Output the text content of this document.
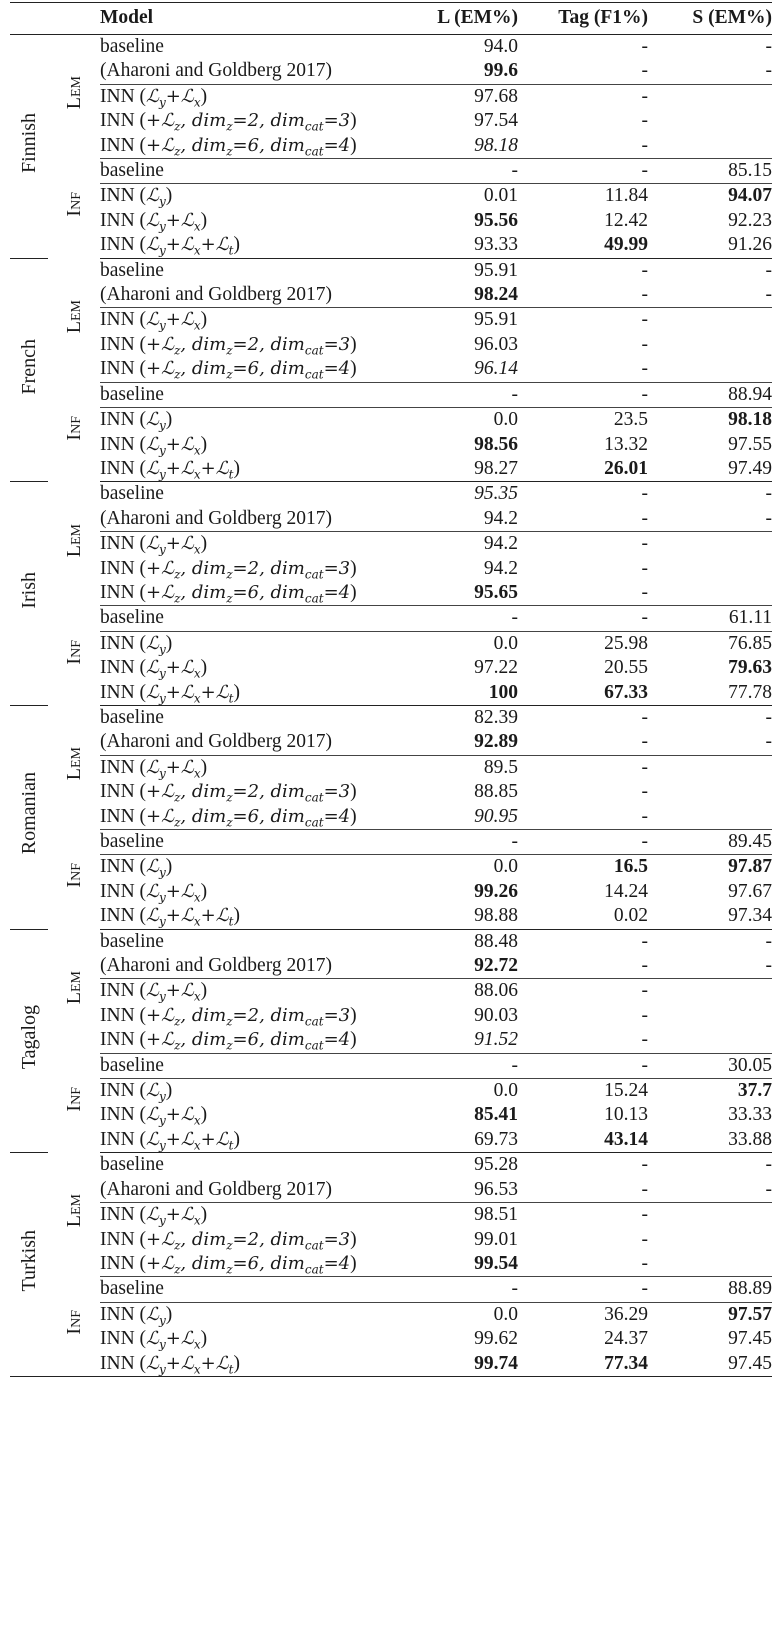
		Model	L (EM%)	Tag (F1%)	S (EM%)
Finnish	Lem	baseline	94.0	-	-
		(Aharoni and Goldberg 2017)	99.6	-	-
		INN (ℒ$_y$+ℒ$_x$)	97.68	-	
		INN (+ℒ$_z$, dim$_z$=2, dim$_{cat}$=3)	97.54	-	
		INN (+ℒ$_z$, dim$_z$=6, dim$_{cat}$=4)	98.18	-	
	Inf	baseline	-	-	85.15
		INN (ℒ$_y$)	0.01	11.84	94.07
		INN (ℒ$_y$+ℒ$_x$)	95.56	12.42	92.23
		INN (ℒ$_y$+ℒ$_x$+ℒ$_t$)	93.33	49.99	91.26
French	Lem	baseline	95.91	-	-
		(Aharoni and Goldberg 2017)	98.24	-	-
		INN (ℒ$_y$+ℒ$_x$)	95.91	-	
		INN (+ℒ$_z$, dim$_z$=2, dim$_{cat}$=3)	96.03	-	
		INN (+ℒ$_z$, dim$_z$=6, dim$_{cat}$=4)	96.14	-	
	Inf	baseline	-	-	88.94
		INN (ℒ$_y$)	0.0	23.5	98.18
		INN (ℒ$_y$+ℒ$_x$)	98.56	13.32	97.55
		INN (ℒ$_y$+ℒ$_x$+ℒ$_t$)	98.27	26.01	97.49
Irish	Lem	baseline	95.35	-	-
		(Aharoni and Goldberg 2017)	94.2	-	-
		INN (ℒ$_y$+ℒ$_x$)	94.2	-	
		INN (+ℒ$_z$, dim$_z$=2, dim$_{cat}$=3)	94.2	-	
		INN (+ℒ$_z$, dim$_z$=6, dim$_{cat}$=4)	95.65	-	
	Inf	baseline	-	-	61.11
		INN (ℒ$_y$)	0.0	25.98	76.85
		INN (ℒ$_y$+ℒ$_x$)	97.22	20.55	79.63
		INN (ℒ$_y$+ℒ$_x$+ℒ$_t$)	100	67.33	77.78
Romanian	Lem	baseline	82.39	-	-
		(Aharoni and Goldberg 2017)	92.89	-	-
		INN (ℒ$_y$+ℒ$_x$)	89.5	-	
		INN (+ℒ$_z$, dim$_z$=2, dim$_{cat}$=3)	88.85	-	
		INN (+ℒ$_z$, dim$_z$=6, dim$_{cat}$=4)	90.95	-	
	Inf	baseline	-	-	89.45
		INN (ℒ$_y$)	0.0	16.5	97.87
		INN (ℒ$_y$+ℒ$_x$)	99.26	14.24	97.67
		INN (ℒ$_y$+ℒ$_x$+ℒ$_t$)	98.88	0.02	97.34
Tagalog	Lem	baseline	88.48	-	-
		(Aharoni and Goldberg 2017)	92.72	-	-
		INN (ℒ$_y$+ℒ$_x$)	88.06	-	
		INN (+ℒ$_z$, dim$_z$=2, dim$_{cat}$=3)	90.03	-	
		INN (+ℒ$_z$, dim$_z$=6, dim$_{cat}$=4)	91.52	-	
	Inf	baseline	-	-	30.05
		INN (ℒ$_y$)	0.0	15.24	37.7
		INN (ℒ$_y$+ℒ$_x$)	85.41	10.13	33.33
		INN (ℒ$_y$+ℒ$_x$+ℒ$_t$)	69.73	43.14	33.88
Turkish	Lem	baseline	95.28	-	-
		(Aharoni and Goldberg 2017)	96.53	-	-
		INN (ℒ$_y$+ℒ$_x$)	98.51	-	
		INN (+ℒ$_z$, dim$_z$=2, dim$_{cat}$=3)	99.01	-	
		INN (+ℒ$_z$, dim$_z$=6, dim$_{cat}$=4)	99.54	-	
	Inf	baseline	-	-	88.89
		INN (ℒ$_y$)	0.0	36.29	97.57
		INN (ℒ$_y$+ℒ$_x$)	99.62	24.37	97.45
		INN (ℒ$_y$+ℒ$_x$+ℒ$_t$)	99.74	77.34	97.45
